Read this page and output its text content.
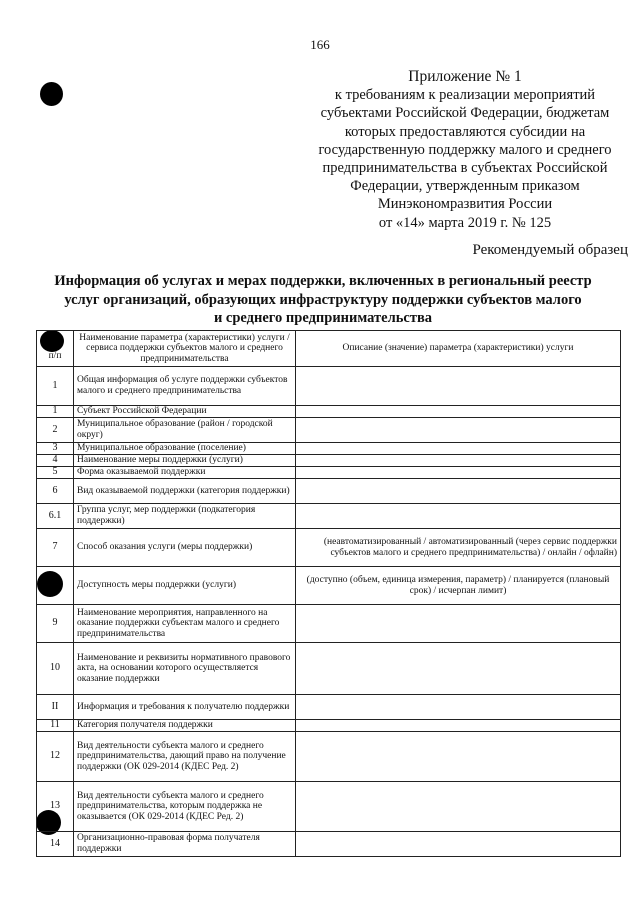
166
Приложение № 1
к требованиям к реализации мероприятий
субъектами Российской Федерации, бюджетам
которых предоставляются субсидии на
государственную поддержку малого и среднего
предпринимательства в субъектах Российской
Федерации, утвержденным приказом
Минэкономразвития России
от «14» марта 2019 г. № 125
Рекомендуемый образец
Информация об услугах и мерах поддержки, включенных в региональный реестр
услуг организаций, образующих инфраструктуру поддержки субъектов малого
и среднего предпринимательства
п/п	Наименование параметра (характеристики) услуги / сервиса поддержки субъектов малого и среднего предпринимательства	Описание (значение) параметра (характеристики) услуги
1	Общая информация об услуге поддержки субъектов малого и среднего предпринимательства	
1	Субъект Российской Федерации	
2	Муниципальное образование (район / городской округ)	
3	Муниципальное образование (поселение)	
4	Наименование меры поддержки (услуги)	
5	Форма оказываемой поддержки	
6	Вид оказываемой поддержки (категория поддержки)	
6.1	Группа услуг, мер поддержки (подкатегория поддержки)	
7	Способ оказания услуги (меры поддержки)	(неавтоматизированный / автоматизированный (через сервис поддержки субъектов малого и среднего предпринимательства) / онлайн / офлайн)
	Доступность меры поддержки (услуги)	(доступно (объем, единица измерения, параметр) / планируется (плановый срок) / исчерпан лимит)
9	Наименование мероприятия, направленного на оказание поддержки субъектам малого и среднего предпринимательства	
10	Наименование и реквизиты нормативного правового акта, на основании которого осуществляется оказание поддержки	
II	Информация и требования к получателю поддержки	
11	Категория получателя поддержки	
12	Вид деятельности субъекта малого и среднего предпринимательства, дающий право на получение поддержки (ОК 029-2014 (КДЕС Ред. 2)	
13	Вид деятельности субъекта малого и среднего предпринимательства, которым поддержка не оказывается (ОК 029-2014 (КДЕС Ред. 2)	
14	Организационно-правовая форма получателя поддержки	
